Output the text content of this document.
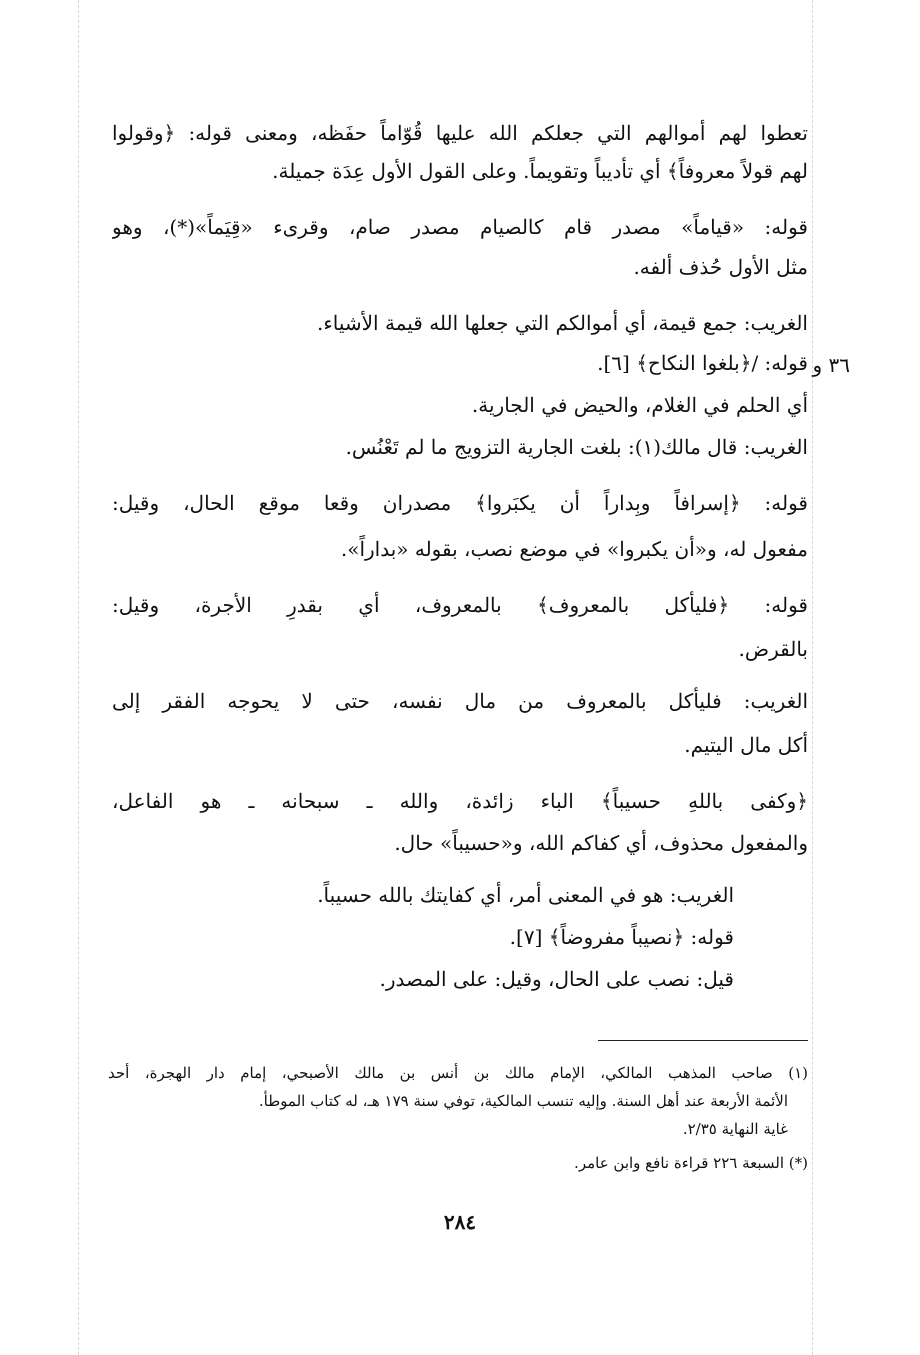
٣٦ و
تعطوا لهم أموالهم التي جعلكم الله عليها قُوّاماً حفَظه، ومعنى قوله: ﴿وقولوا
لهم قولاً معروفاً﴾ أي تأديباً وتقويماً. وعلى القول الأول عِدَة جميلة.
قوله: «قياماً» مصدر قام كالصيام مصدر صام، وقرىء «قِيَماً»(*)، وهو
مثل الأول حُذف ألفه.
الغريب: جمع قيمة، أي أموالكم التي جعلها الله قيمة الأشياء.
قوله: /﴿بلغوا النكاح﴾ [٦].
أي الحلم في الغلام، والحيض في الجارية.
الغريب: قال مالك(١): بلغت الجارية التزويج ما لم تَعْنُس.
قوله: ﴿إسرافاً وبِداراً أن يكبَروا﴾ مصدران وقعا موقع الحال، وقيل:
مفعول له، و«أن يكبروا» في موضع نصب، بقوله «بداراً».
قوله: ﴿فليأكل بالمعروف﴾ بالمعروف، أي بقدرِ الأجرة، وقيل:
بالقرض.
الغريب: فليأكل بالمعروف من مال نفسه، حتى لا يحوجه الفقر إلى
أكل مال اليتيم.
﴿وكفى باللهِ حسيباً﴾ الباء زائدة، والله ـ سبحانه ـ هو الفاعل،
والمفعول محذوف، أي كفاكم الله، و«حسيباً» حال.
الغريب: هو في المعنى أمر، أي كفايتك بالله حسيباً.
قوله: ﴿نصيباً مفروضاً﴾ [٧].
قيل: نصب على الحال، وقيل: على المصدر.
(١) صاحب المذهب المالكي، الإمام مالك بن أنس بن مالك الأصبحي، إمام دار الهجرة، أحد
الأئمة الأربعة عند أهل السنة. وإليه تنسب المالكية، توفي سنة ١٧٩ هـ، له كتاب الموطأ.
غاية النهاية ٢/٣٥.
(*) السبعة ٢٢٦ قراءة نافع وابن عامر.
٢٨٤
